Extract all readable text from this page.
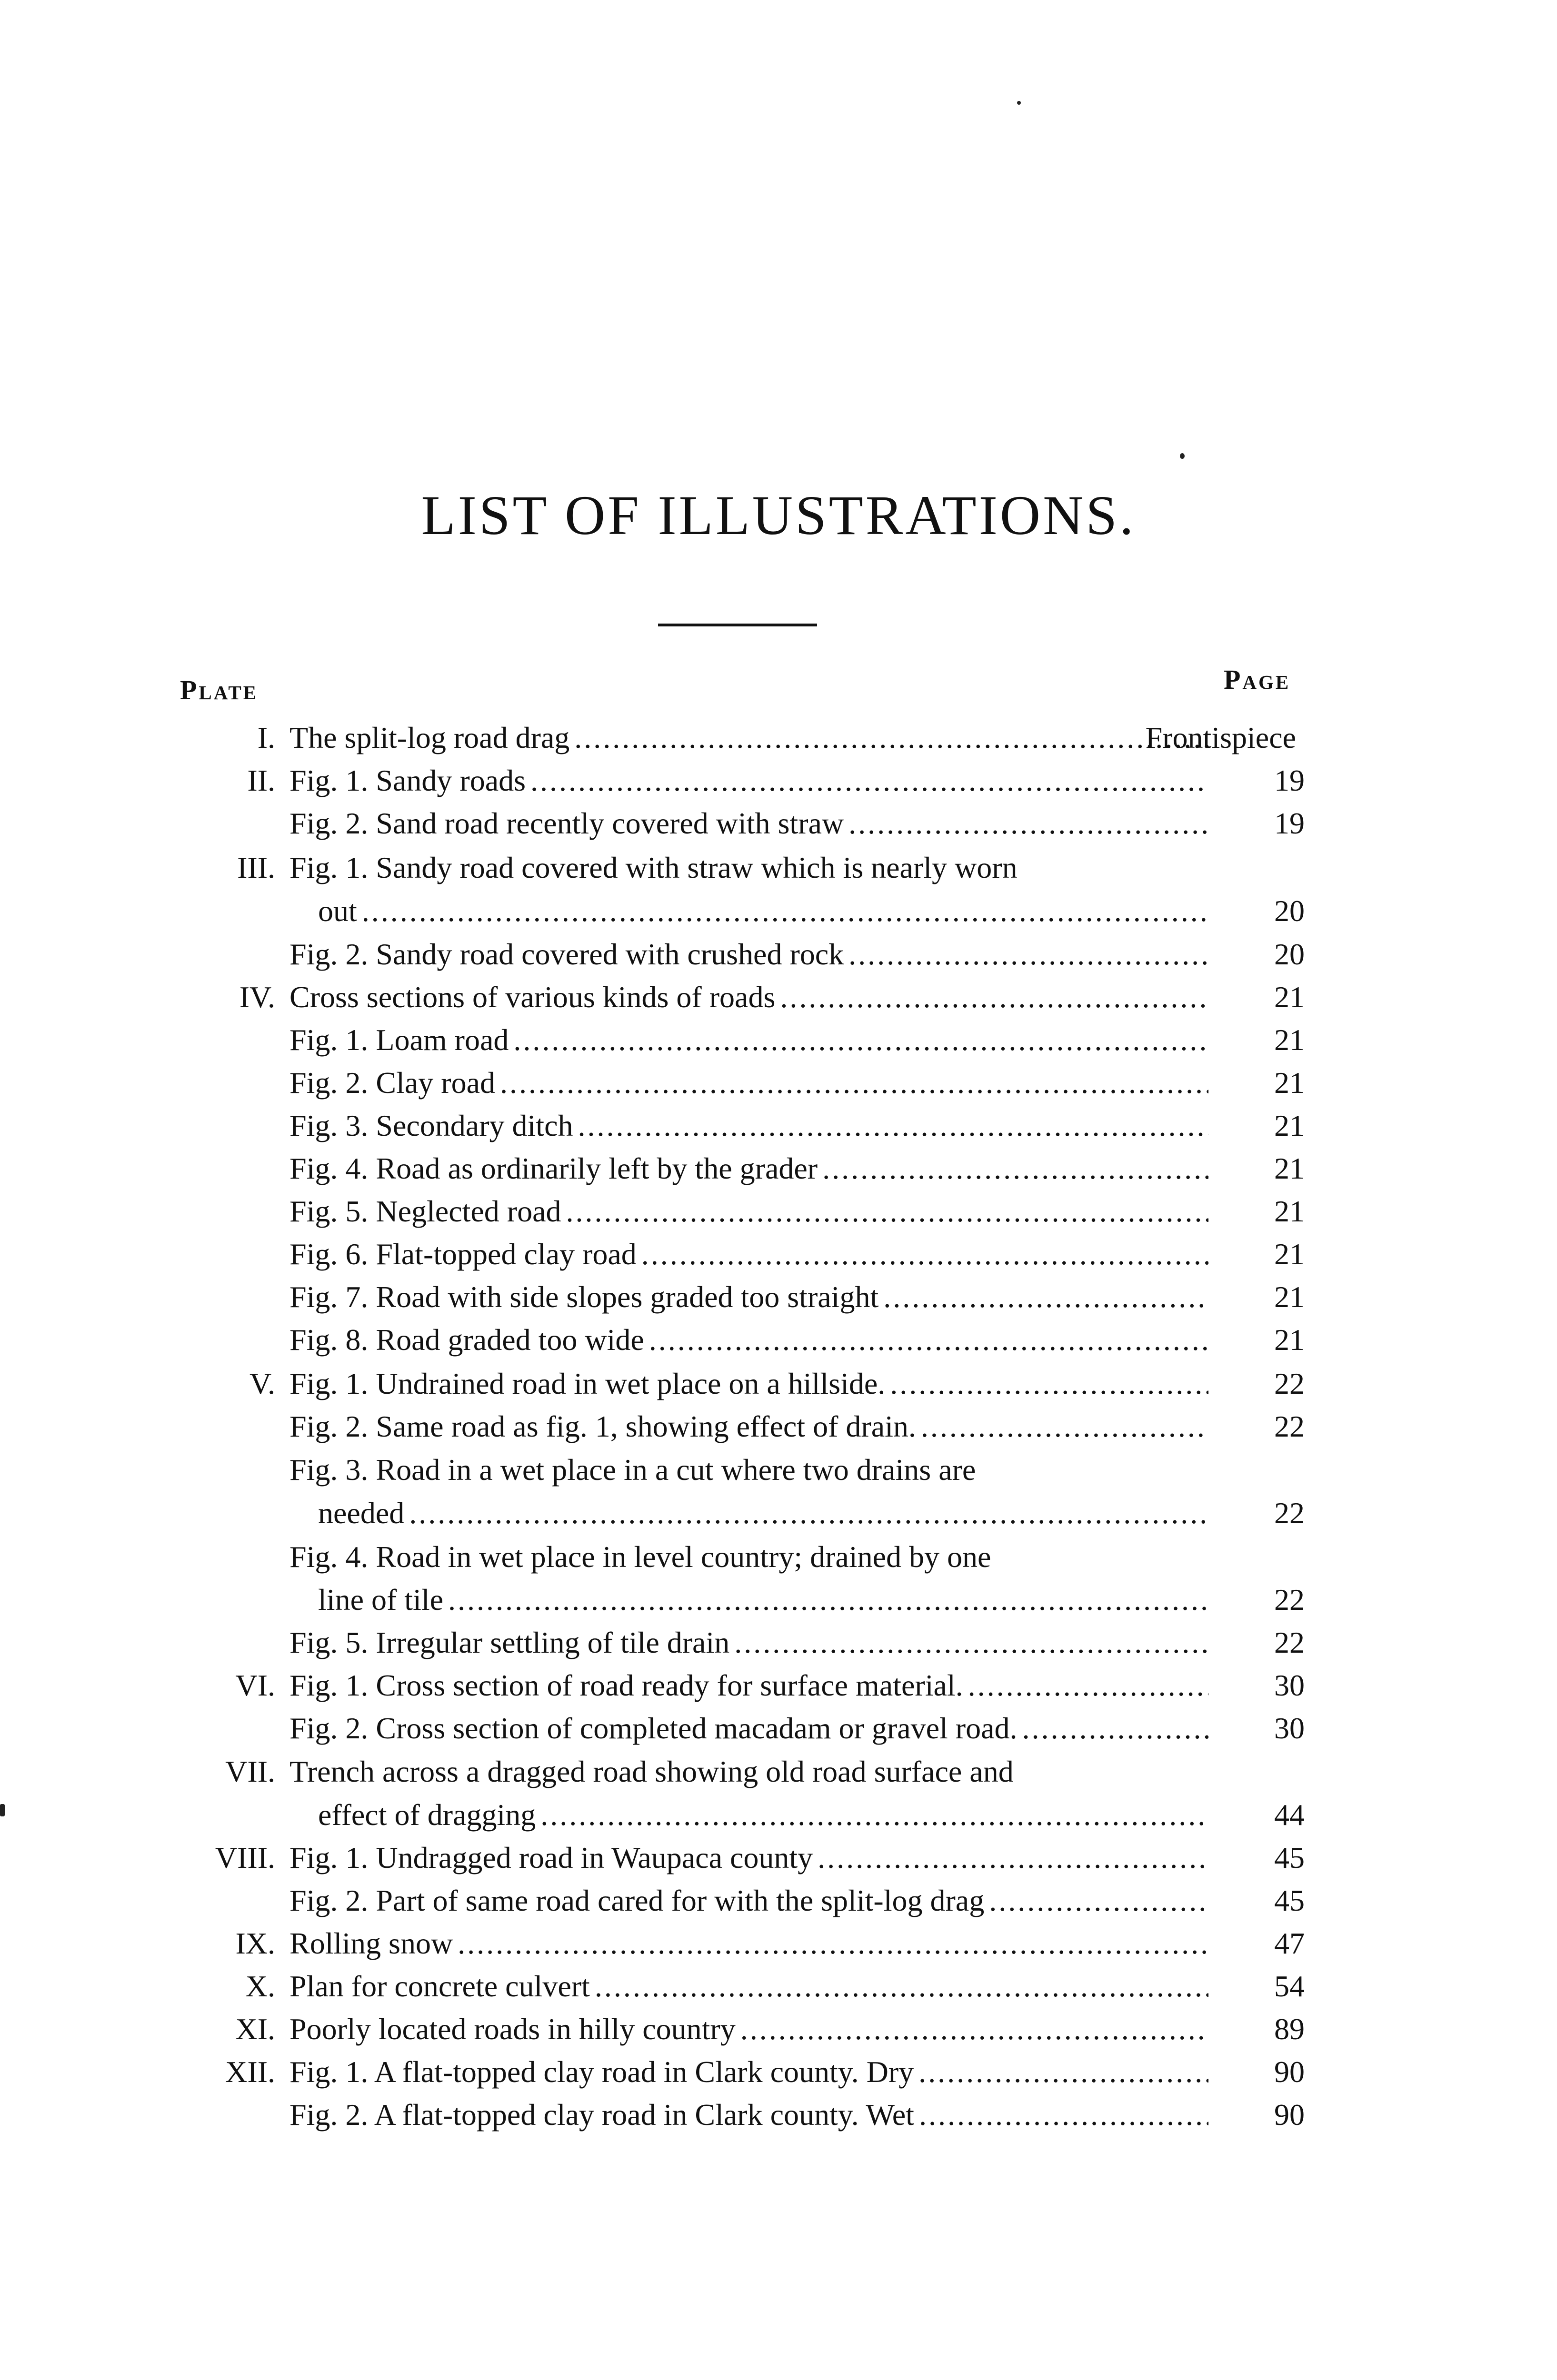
LIST OF ILLUSTRATIONS.
Plate	Page
I. The split-log road drag . . .	Frontispiece
II. Fig. 1. Sandy roads . . .	19
Fig. 2. Sand road recently covered with straw . . .	19
III. Fig. 1. Sandy road covered with straw which is nearly worn
out . . .	20
Fig. 2. Sandy road covered with crushed rock . . .	20
IV. Cross sections of various kinds of roads . . .	21
Fig. 1. Loam road . . .	21
Fig. 2. Clay road . . .	21
Fig. 3. Secondary ditch . . .	21
Fig. 4. Road as ordinarily left by the grader . . .	21
Fig. 5. Neglected road . . .	21
Fig. 6. Flat-topped clay road . . .	21
Fig. 7. Road with side slopes graded too straight . . .	21
Fig. 8. Road graded too wide . . .	21
V. Fig. 1. Undrained road in wet place on a hillside. . . .	22
Fig. 2. Same road as fig. 1, showing effect of drain. . . .	22
Fig. 3. Road in a wet place in a cut where two drains are
needed . . .	22
Fig. 4. Road in wet place in level country; drained by one
line of tile . . .	22
Fig. 5. Irregular settling of tile drain . . .	22
VI. Fig. 1. Cross section of road ready for surface material. . . .	30
Fig. 2. Cross section of completed macadam or gravel road. . . .	30
VII. Trench across a dragged road showing old road surface and
effect of dragging . . .	44
VIII. Fig. 1. Undragged road in Waupaca county . . .	45
Fig. 2. Part of same road cared for with the split-log drag . . .	45
IX. Rolling snow . . .	47
X. Plan for concrete culvert . . .	54
XI. Poorly located roads in hilly country . . .	89
XII. Fig. 1. A flat-topped clay road in Clark county. Dry . . .	90
Fig. 2. A flat-topped clay road in Clark county. Wet . . .	90
